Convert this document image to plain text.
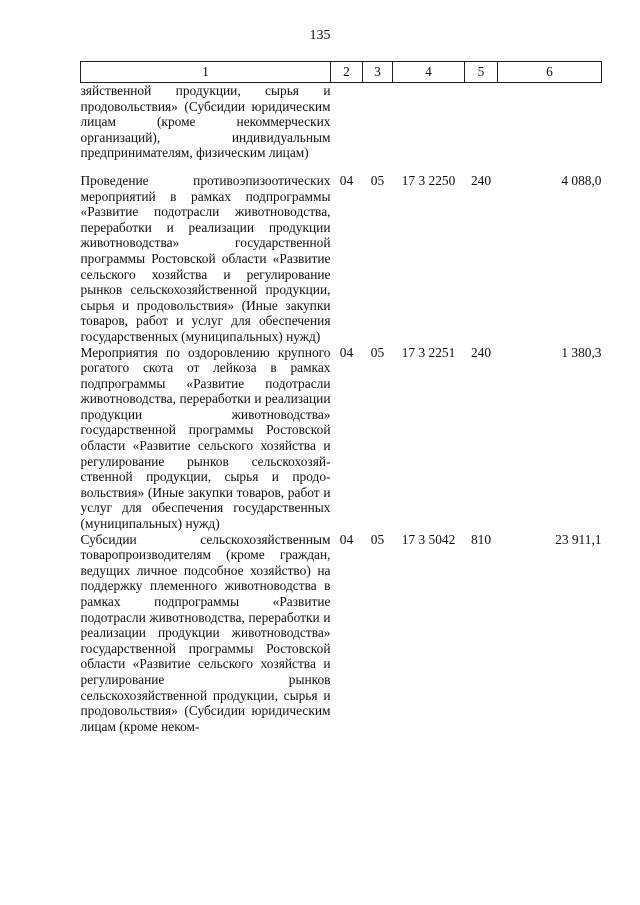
135
1	2	3	4	5	6
зяйственной продукции, сырья и продовольствия» (Субсидии юридическим лицам (кроме некоммерческих организаций), индивидуальным предпринимателям, физическим лицам)					
Проведение противоэпизоотических мероприятий в рамках подпрограммы «Развитие подотрасли животноводства, переработки и реализации продукции животноводства» государственной программы Ростовской области «Развитие сельского хозяйства и регулирование рынков сельскохозяйственной продукции, сырья и продовольствия» (Иные закупки товаров, работ и услуг для обеспечения государственных (муниципальных) нужд)	04	05	17 3 2250	240	4 088,0
Мероприятия по оздоровлению крупного рогатого скота от лейкоза в рамках подпрограммы «Развитие подотрасли животноводства, переработки и реализации продукции животноводства» государственной программы Ростовской области «Развитие сельского хозяйства и регулирование рынков сельскохозяйственной продукции, сырья и продовольствия» (Иные закупки товаров, работ и услуг для обеспечения государственных (муниципальных) нужд)	04	05	17 3 2251	240	1 380,3
Субсидии сельскохозяйственным товаропроизводителям (кроме граждан, ведущих личное подсобное хозяйство) на поддержку племенного животноводства в рамках подпрограммы «Развитие подотрасли животноводства, переработки и реализации продукции животноводства» государственной программы Ростовской области «Развитие сельского хозяйства и регулирование рынков сельскохозяйственной продукции, сырья и продовольствия» (Субсидии юридическим лицам (кроме неком-	04	05	17 3 5042	810	23 911,1
